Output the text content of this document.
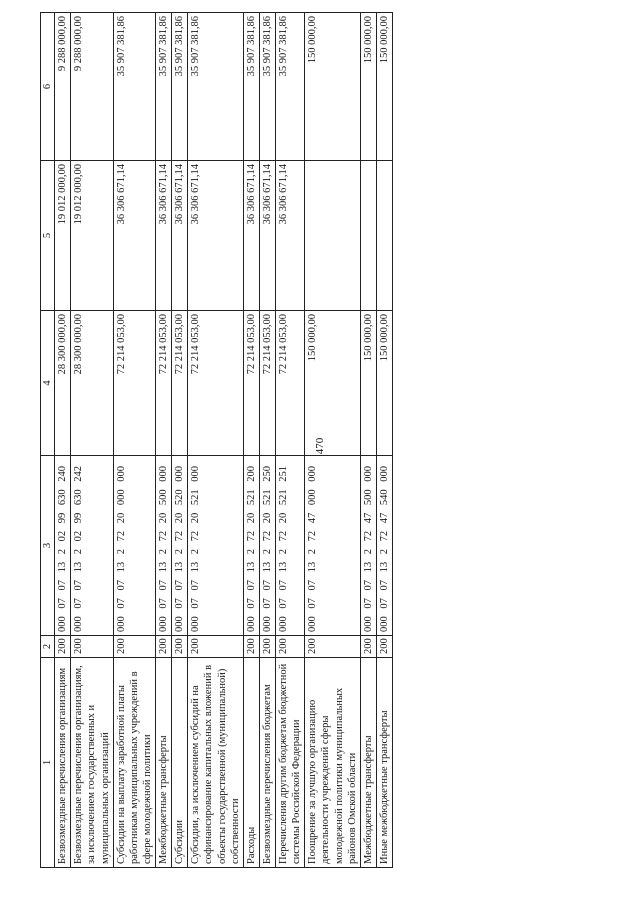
470
1	2	3	4	5	6
Безвозмездные перечисления организациям	200	000 07 07 13 2 02 99 630 240	28 300 000,00	19 012 000,00	9 288 000,00
Безвозмездные перечисления организациям, за исключением государственных и муниципальных организаций	200	000 07 07 13 2 02 99 630 242	28 300 000,00	19 012 000,00	9 288 000,00
Субсидии на выплату заработной платы работникам муниципальных учреждений в сфере молодежной политики	200	000 07 07 13 2 72 20 000 000	72 214 053,00	36 306 671,14	35 907 381,86
Межбюджетные трансферты	200	000 07 07 13 2 72 20 500 000	72 214 053,00	36 306 671,14	35 907 381,86
Субсидии	200	000 07 07 13 2 72 20 520 000	72 214 053,00	36 306 671,14	35 907 381,86
Субсидии, за исключением субсидий на софинансирование капитальных вложений в объекты государственной (муниципальной) собственности	200	000 07 07 13 2 72 20 521 000	72 214 053,00	36 306 671,14	35 907 381,86
Расходы	200	000 07 07 13 2 72 20 521 200	72 214 053,00	36 306 671,14	35 907 381,86
Безвозмездные перечисления бюджетам	200	000 07 07 13 2 72 20 521 250	72 214 053,00	36 306 671,14	35 907 381,86
Перечисления другим бюджетам бюджетной системы Российской Федерации	200	000 07 07 13 2 72 20 521 251	72 214 053,00	36 306 671,14	35 907 381,86
Поощрение за лучшую организацию деятельности учреждений сферы молодежной политики муниципальных районов Омской области	200	000 07 07 13 2 72 47 000 000	150 000,00		150 000,00
Межбюджетные трансферты	200	000 07 07 13 2 72 47 500 000	150 000,00		150 000,00
Иные межбюджетные трансферты	200	000 07 07 13 2 72 47 540 000	150 000,00		150 000,00
